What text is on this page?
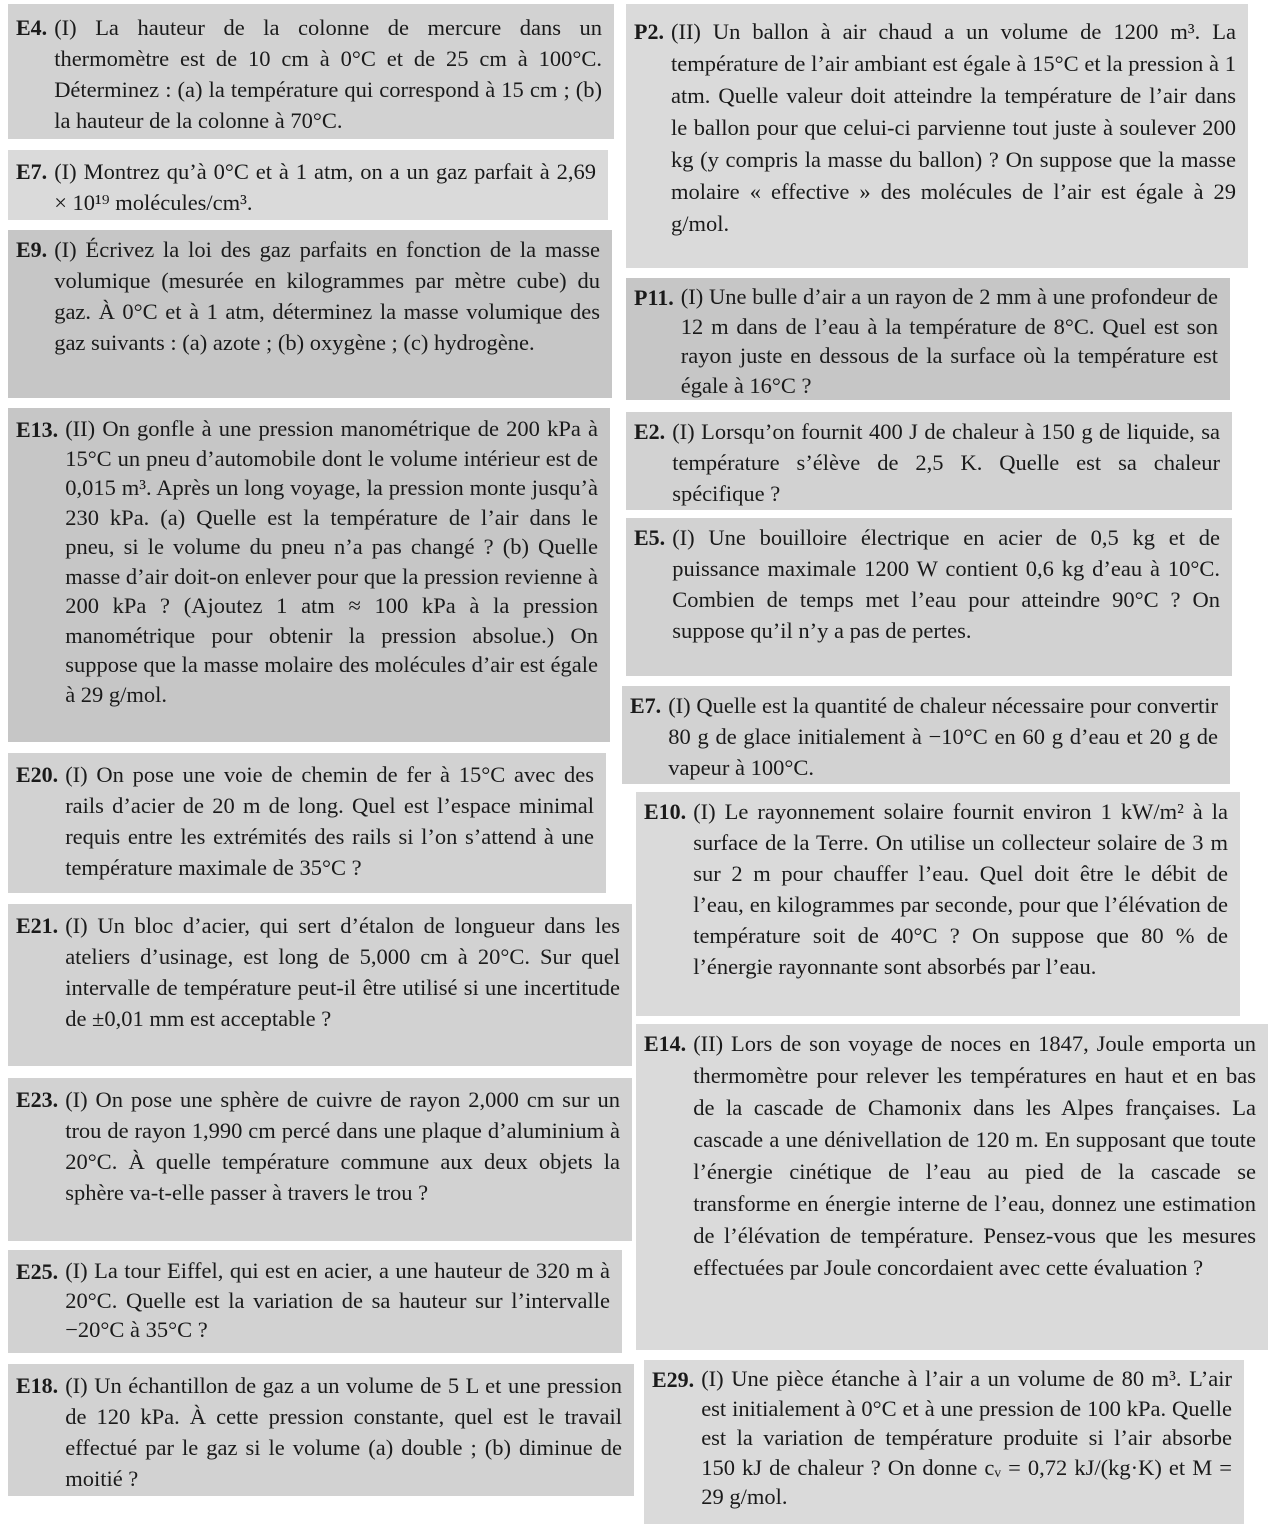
E4. (I) La hauteur de la colonne de mercure dans un thermomètre est de 10 cm à 0°C et de 25 cm à 100°C. Déterminez : (a) la température qui correspond à 15 cm ; (b) la hauteur de la colonne à 70°C.

E7. (I) Montrez qu’à 0°C et à 1 atm, on a un gaz parfait à 2,69 × 10¹⁹ molécules/cm³.

E9. (I) Écrivez la loi des gaz parfaits en fonction de la masse volumique (mesurée en kilogrammes par mètre cube) du gaz. À 0°C et à 1 atm, déterminez la masse volumique des gaz suivants : (a) azote ; (b) oxygène ; (c) hydrogène.

E13. (II) On gonfle à une pression manométrique de 200 kPa à 15°C un pneu d’automobile dont le volume intérieur est de 0,015 m³. Après un long voyage, la pression monte jusqu’à 230 kPa. (a) Quelle est la température de l’air dans le pneu, si le volume du pneu n’a pas changé ? (b) Quelle masse d’air doit-on enlever pour que la pression revienne à 200 kPa ? (Ajoutez 1 atm ≈ 100 kPa à la pression manométrique pour obtenir la pression absolue.) On suppose que la masse molaire des molécules d’air est égale à 29 g/mol.

E20. (I) On pose une voie de chemin de fer à 15°C avec des rails d’acier de 20 m de long. Quel est l’espace minimal requis entre les extrémités des rails si l’on s’attend à une température maximale de 35°C ?

E21. (I) Un bloc d’acier, qui sert d’étalon de longueur dans les ateliers d’usinage, est long de 5,000 cm à 20°C. Sur quel intervalle de température peut-il être utilisé si une incertitude de ±0,01 mm est acceptable ?

E23. (I) On pose une sphère de cuivre de rayon 2,000 cm sur un trou de rayon 1,990 cm percé dans une plaque d’aluminium à 20°C. À quelle température commune aux deux objets la sphère va-t-elle passer à travers le trou ?

E25. (I) La tour Eiffel, qui est en acier, a une hauteur de 320 m à 20°C. Quelle est la variation de sa hauteur sur l’intervalle −20°C à 35°C ?

E18. (I) Un échantillon de gaz a un volume de 5 L et une pression de 120 kPa. À cette pression constante, quel est le travail effectué par le gaz si le volume (a) double ; (b) diminue de moitié ?

P2. (II) Un ballon à air chaud a un volume de 1200 m³. La température de l’air ambiant est égale à 15°C et la pression à 1 atm. Quelle valeur doit atteindre la température de l’air dans le ballon pour que celui-ci parvienne tout juste à soulever 200 kg (y compris la masse du ballon) ? On suppose que la masse molaire « effective » des molécules de l’air est égale à 29 g/mol.

P11. (I) Une bulle d’air a un rayon de 2 mm à une profondeur de 12 m dans de l’eau à la température de 8°C. Quel est son rayon juste en dessous de la surface où la température est égale à 16°C ?

E2. (I) Lorsqu’on fournit 400 J de chaleur à 150 g de liquide, sa température s’élève de 2,5 K. Quelle est sa chaleur spécifique ?

E5. (I) Une bouilloire électrique en acier de 0,5 kg et de puissance maximale 1200 W contient 0,6 kg d’eau à 10°C. Combien de temps met l’eau pour atteindre 90°C ? On suppose qu’il n’y a pas de pertes.

E7. (I) Quelle est la quantité de chaleur nécessaire pour convertir 80 g de glace initialement à −10°C en 60 g d’eau et 20 g de vapeur à 100°C.

E10. (I) Le rayonnement solaire fournit environ 1 kW/m² à la surface de la Terre. On utilise un collecteur solaire de 3 m sur 2 m pour chauffer l’eau. Quel doit être le débit de l’eau, en kilogrammes par seconde, pour que l’élévation de température soit de 40°C ? On suppose que 80 % de l’énergie rayonnante sont absorbés par l’eau.

E14. (II) Lors de son voyage de noces en 1847, Joule emporta un thermomètre pour relever les températures en haut et en bas de la cascade de Chamonix dans les Alpes françaises. La cascade a une dénivellation de 120 m. En supposant que toute l’énergie cinétique de l’eau au pied de la cascade se transforme en énergie interne de l’eau, donnez une estimation de l’élévation de température. Pensez-vous que les mesures effectuées par Joule concordaient avec cette évaluation ?

E29. (I) Une pièce étanche à l’air a un volume de 80 m³. L’air est initialement à 0°C et à une pression de 100 kPa. Quelle est la variation de température produite si l’air absorbe 150 kJ de chaleur ? On donne cᵥ = 0,72 kJ/(kg·K) et M = 29 g/mol.
